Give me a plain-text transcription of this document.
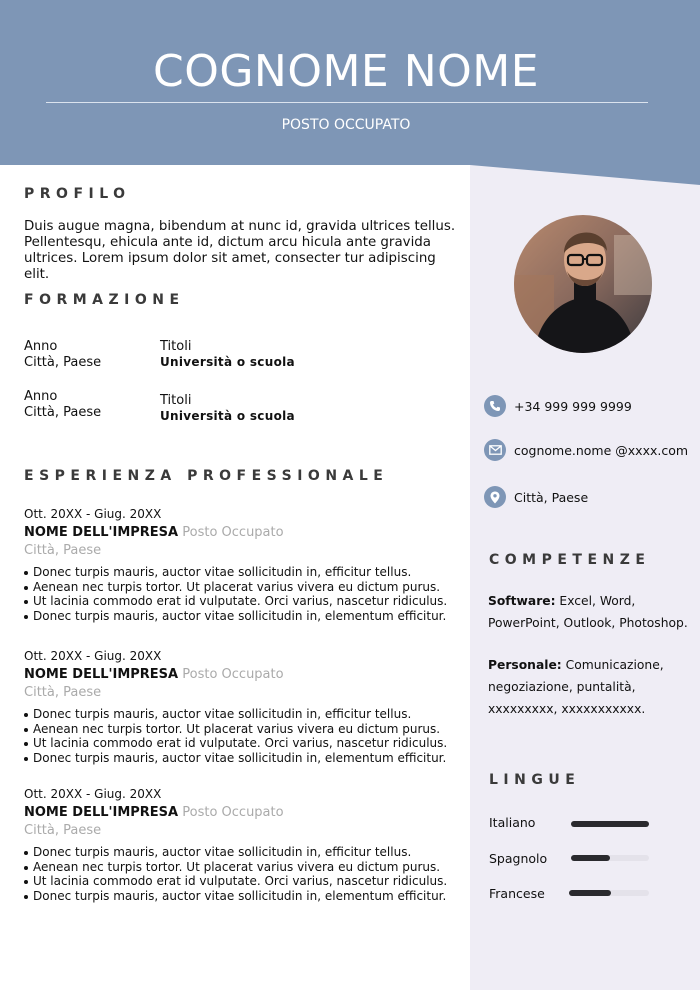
COGNOME NOME
POSTO OCCUPATO
PROFILO
Duis augue magna, bibendum at nunc id, gravida ultrices tellus.
Pellentesqu, ehicula ante id, dictum arcu hicula ante gravida
ultrices. Lorem ipsum dolor sit amet, consecter tur adipiscing elit.
FORMAZIONE
Anno
Città, Paese
Titoli
Università o scuola
Anno
Città, Paese
Titoli
Università o scuola
ESPERIENZA PROFESSIONALE
Ott. 20XX - Giug. 20XX
NOME DELL'IMPRESA Posto Occupato
Città, Paese
Donec turpis mauris, auctor vitae sollicitudin in, efficitur tellus.
Aenean nec turpis tortor. Ut placerat varius vivera eu dictum purus.
Ut lacinia commodo erat id vulputate. Orci varius, nascetur ridiculus.
Donec turpis mauris, auctor vitae sollicitudin in, elementum efficitur.
Ott. 20XX - Giug. 20XX
NOME DELL'IMPRESA Posto Occupato
Città, Paese
Donec turpis mauris, auctor vitae sollicitudin in, efficitur tellus.
Aenean nec turpis tortor. Ut placerat varius vivera eu dictum purus.
Ut lacinia commodo erat id vulputate. Orci varius, nascetur ridiculus.
Donec turpis mauris, auctor vitae sollicitudin in, elementum efficitur.
Ott. 20XX - Giug. 20XX
NOME DELL'IMPRESA Posto Occupato
Città, Paese
Donec turpis mauris, auctor vitae sollicitudin in, efficitur tellus.
Aenean nec turpis tortor. Ut placerat varius vivera eu dictum purus.
Ut lacinia commodo erat id vulputate. Orci varius, nascetur ridiculus.
Donec turpis mauris, auctor vitae sollicitudin in, elementum efficitur.
+34 999 999 9999
cognome.nome @xxxx.com
Città, Paese
COMPETENZE
Software: Excel, Word, PowerPoint, Outlook, Photoshop.
Personale: Comunicazione, negoziazione, puntalità, xxxxxxxxx, xxxxxxxxxxx.
LINGUE
Italiano
Spagnolo
Francese
